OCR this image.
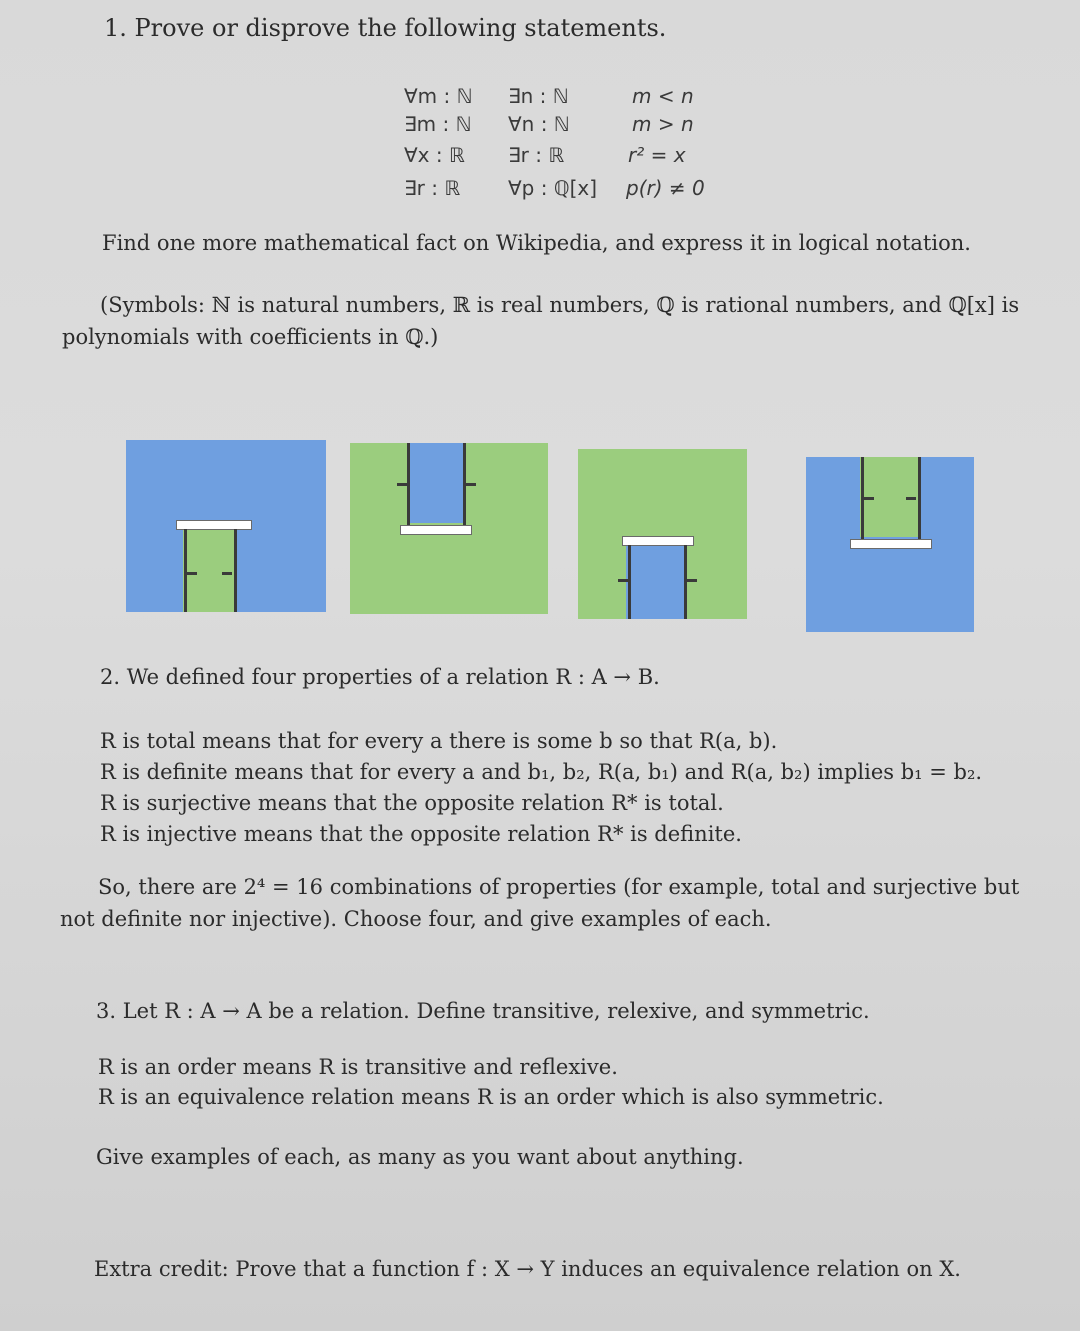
1. Prove or disprove the following statements.
∀m : ℕ	∃n : ℕ	m < n
∃m : ℕ	∀n : ℕ	m > n
∀x : ℝ	∃r : ℝ	r² = x
∃r : ℝ	∀p : ℚ[x]	p(r) ≠ 0
Find one more mathematical fact on Wikipedia, and express it in logical notation.
(Symbols: ℕ is natural numbers, ℝ is real numbers, ℚ is rational numbers, and ℚ[x] is
polynomials with coefficients in ℚ.)
2. We defined four properties of a relation R : A → B.
R is total means that for every a there is some b so that R(a, b).
R is definite means that for every a and b₁, b₂, R(a, b₁) and R(a, b₂) implies b₁ = b₂.
R is surjective means that the opposite relation R* is total.
R is injective means that the opposite relation R* is definite.
So, there are 2⁴ = 16 combinations of properties (for example, total and surjective but
not definite nor injective). Choose four, and give examples of each.
3. Let R : A → A be a relation. Define transitive, relexive, and symmetric.
R is an order means R is transitive and reflexive.
R is an equivalence relation means R is an order which is also symmetric.
Give examples of each, as many as you want about anything.
Extra credit: Prove that a function f : X → Y induces an equivalence relation on X.
